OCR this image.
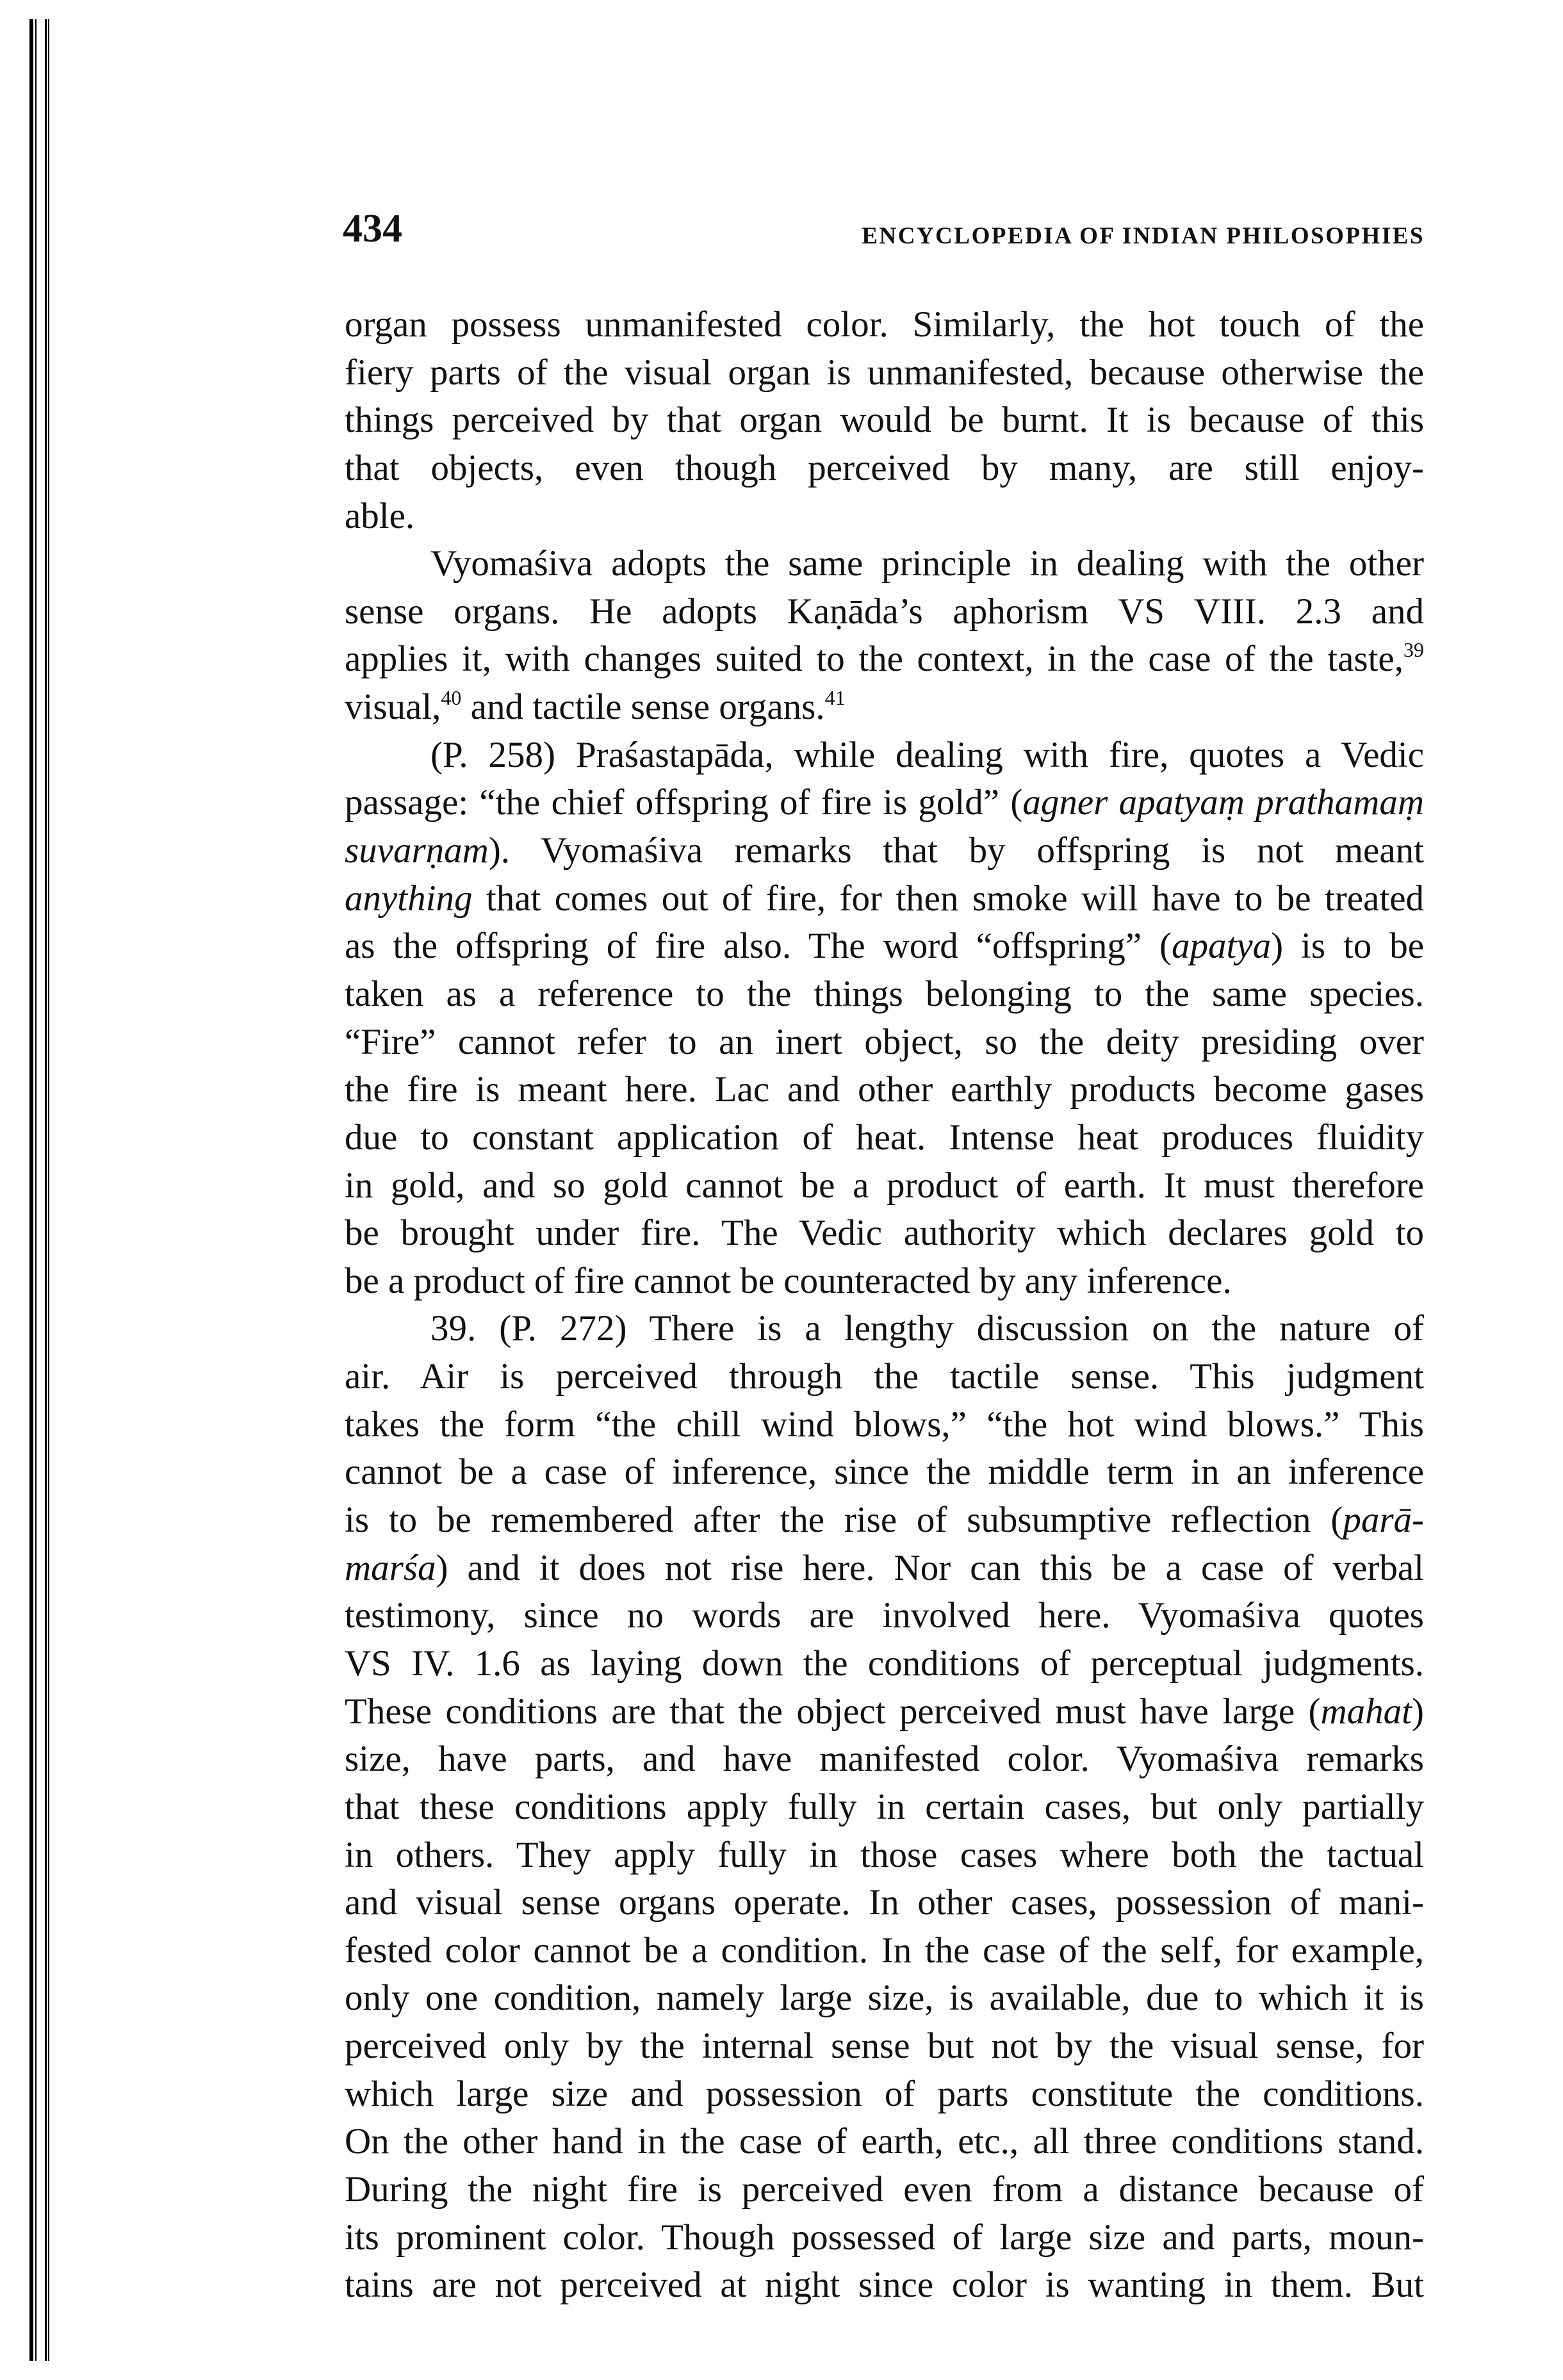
434	ENCYCLOPEDIA OF INDIAN PHILOSOPHIES
organ possess unmanifested color. Similarly, the hot touch of the
fiery parts of the visual organ is unmanifested, because otherwise the
things perceived by that organ would be burnt. It is because of this
that objects, even though perceived by many, are still enjoy-
able.
Vyomaśiva adopts the same principle in dealing with the other
sense organs. He adopts Kaṇāda’s aphorism VS VIII. 2.3 and
applies it, with changes suited to the context, in the case of the taste,$^{39}$
visual,$^{40}$ and tactile sense organs.$^{41}$
(P. 258) Praśastapāda, while dealing with fire, quotes a Vedic
passage: “the chief offspring of fire is gold” (agner apatyaṃ prathamaṃ
suvarṇam). Vyomaśiva remarks that by offspring is not meant
anything that comes out of fire, for then smoke will have to be treated
as the offspring of fire also. The word “offspring” (apatya) is to be
taken as a reference to the things belonging to the same species.
“Fire” cannot refer to an inert object, so the deity presiding over
the fire is meant here. Lac and other earthly products become gases
due to constant application of heat. Intense heat produces fluidity
in gold, and so gold cannot be a product of earth. It must therefore
be brought under fire. The Vedic authority which declares gold to
be a product of fire cannot be counteracted by any inference.
39. (P. 272) There is a lengthy discussion on the nature of
air. Air is perceived through the tactile sense. This judgment
takes the form “the chill wind blows,” “the hot wind blows.” This
cannot be a case of inference, since the middle term in an inference
is to be remembered after the rise of subsumptive reflection (parā-
marśa) and it does not rise here. Nor can this be a case of verbal
testimony, since no words are involved here. Vyomaśiva quotes
VS IV. 1.6 as laying down the conditions of perceptual judgments.
These conditions are that the object perceived must have large (mahat)
size, have parts, and have manifested color. Vyomaśiva remarks
that these conditions apply fully in certain cases, but only partially
in others. They apply fully in those cases where both the tactual
and visual sense organs operate. In other cases, possession of mani-
fested color cannot be a condition. In the case of the self, for example,
only one condition, namely large size, is available, due to which it is
perceived only by the internal sense but not by the visual sense, for
which large size and possession of parts constitute the conditions.
On the other hand in the case of earth, etc., all three conditions stand.
During the night fire is perceived even from a distance because of
its prominent color. Though possessed of large size and parts, moun-
tains are not perceived at night since color is wanting in them. But
